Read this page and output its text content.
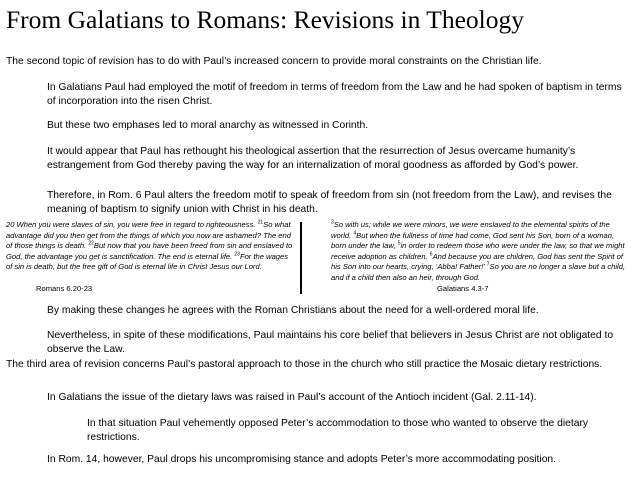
From Galatians to Romans: Revisions in Theology
The second topic of revision has to do with Paul’s increased concern to provide moral constraints on the Christian life.
In Galatians Paul had employed the motif of freedom in terms of freedom from the Law and he had spoken of baptism in terms of incorporation into the risen Christ.
But these two emphases led to moral anarchy as witnessed in Corinth.
It would appear that Paul has rethought his theological assertion that the resurrection of Jesus overcame humanity’s estrangement from God thereby paving the way for an internalization of moral goodness as afforded by God’s power.
Therefore, in Rom. 6 Paul alters the freedom motif to speak of freedom from sin (not freedom from the Law), and revises the meaning of baptism to signify union with Christ in his death.
20 When you were slaves of sin, you were free in regard to righteousness. $^{21}$So what advantage did you then get from the things of which you now are ashamed? The end of those things is death. $^{22}$But now that you have been freed from sin and enslaved to God, the advantage you get is sanctification. The end is eternal life. $^{23}$For the wages of sin is death, but the free gift of God is eternal life in Christ Jesus our Lord.
Romans 6.20-23
$^3$So with us; while we were minors, we were enslaved to the elemental spirits of the world. $^4$But when the fullness of time had come, God sent his Son, born of a woman, born under the law, $^5$in order to redeem those who were under the law, so that we might receive adoption as children. $^6$And because you are children, God has sent the Spirit of his Son into our hearts, crying, ‘Abba! Father!’ $^7$So you are no longer a slave but a child, and if a child then also an heir, through God.
Galatians 4.3-7
By making these changes he agrees with the Roman Christians about the need for a well-ordered moral life.
Nevertheless, in spite of these modifications, Paul maintains his core belief that believers in Jesus Christ are not obligated to observe the Law.
The third area of revision concerns Paul’s pastoral approach to those in the church who still practice the Mosaic dietary restrictions.
In Galatians the issue of the dietary laws was raised in Paul’s account of the Antioch incident (Gal. 2.11-14).
In that situation Paul vehemently opposed Peter’s accommodation to those who wanted to observe the dietary restrictions.
In Rom. 14, however, Paul drops his uncompromising stance and adopts Peter’s more accommodating position.
